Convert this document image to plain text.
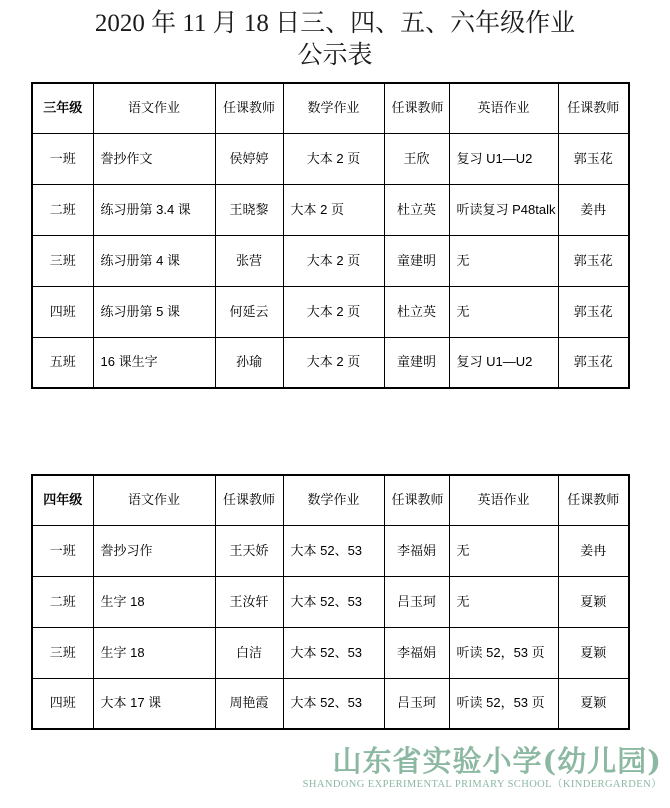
2020 年 11 月 18 日三、四、五、六年级作业
公示表
三年级	语文作业	任课教师	数学作业	任课教师	英语作业	任课教师
一班	誊抄作文	侯婷婷	大本 2 页	王欣	复习 U1—U2	郭玉花
二班	练习册第 3.4 课	王晓黎	大本 2 页	杜立英	听读复习 P48talk	姜冉
三班	练习册第 4 课	张营	大本 2 页	童建明	无	郭玉花
四班	练习册第 5 课	何延云	大本 2 页	杜立英	无	郭玉花
五班	16 课生字	孙瑜	大本 2 页	童建明	复习 U1—U2	郭玉花
四年级	语文作业	任课教师	数学作业	任课教师	英语作业	任课教师
一班	誊抄习作	王天娇	大本 52、53	李福娟	无	姜冉
二班	生字 18	王汝轩	大本 52、53	吕玉珂	无	夏颖
三班	生字 18	白洁	大本 52、53	李福娟	听读 52，53 页	夏颖
四班	大本 17 课	周艳霞	大本 52、53	吕玉珂	听读 52，53 页	夏颖
山东省实验小学(幼儿园)
SHANDONG EXPERIMENTAL PRIMARY SCHOOL（KINDERGARDEN）
